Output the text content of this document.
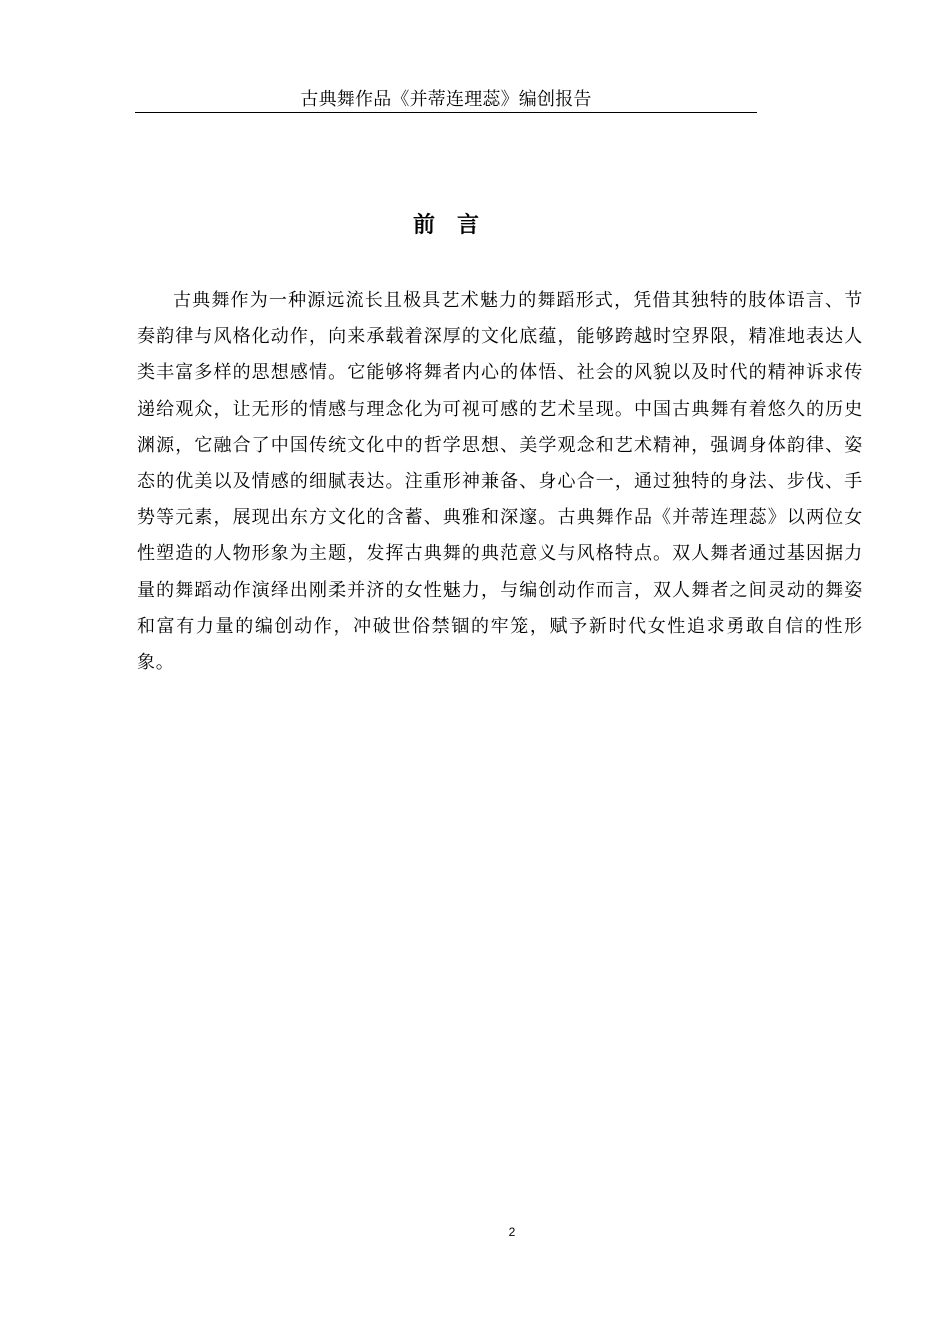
古典舞作品《并蒂连理蕊》编创报告
前　言

古典舞作为一种源远流长且极具艺术魅力的舞蹈形式，凭借其独特的肢体语言、节奏韵律与风格化动作，向来承载着深厚的文化底蕴，能够跨越时空界限，精准地表达人类丰富多样的思想感情。它能够将舞者内心的体悟、社会的风貌以及时代的精神诉求传递给观众，让无形的情感与理念化为可视可感的艺术呈现。中国古典舞有着悠久的历史渊源，它融合了中国传统文化中的哲学思想、美学观念和艺术精神，强调身体韵律、姿态的优美以及情感的细腻表达。注重形神兼备、身心合一，通过独特的身法、步伐、手势等元素，展现出东方文化的含蓄、典雅和深邃。古典舞作品《并蒂连理蕊》以两位女性塑造的人物形象为主题，发挥古典舞的典范意义与风格特点。双人舞者通过基因据力量的舞蹈动作演绎出刚柔并济的女性魅力，与编创动作而言，双人舞者之间灵动的舞姿和富有力量的编创动作，冲破世俗禁锢的牢笼，赋予新时代女性追求勇敢自信的性形象。

2
